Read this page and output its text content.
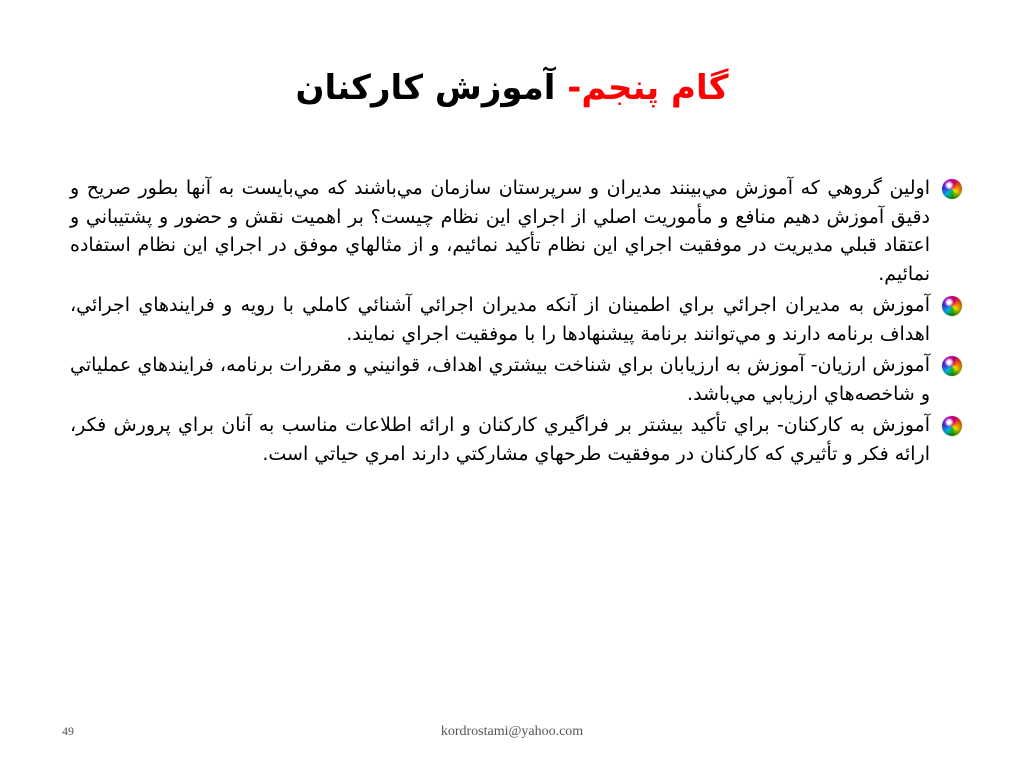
گام پنجم- آموزش كاركنان
اولين گروهي كه آموزش مي‌بينند مديران و سرپرستان سازمان مي‌باشند كه مي‌بايست به آنها بطور صريح و دقيق آموزش دهيم منافع و مأموريت اصلي از اجراي اين نظام چيست؟ بر اهميت نقش و حضور و پشتيباني و اعتقاد قبلي مديريت در موفقيت اجراي اين نظام تأكيد نمائيم، و از مثالهاي موفق در اجراي اين نظام استفاده نمائيم.
آموزش به مديران اجرائي براي اطمينان از آنكه مديران اجرائي آشنائي كاملي با رويه و فرايندهاي اجرائي، اهداف برنامه دارند و مي‌توانند برنامة پيشنهادها را با موفقيت اجراي نمايند.
آموزش ارزيان- آموزش به ارزيابان براي شناخت بيشتري اهداف، قوانيني و مقررات برنامه، فرايندهاي عملياتي و شاخصه‌هاي ارزيابي مي‌باشد.
آموزش به كاركنان- براي تأكيد بيشتر بر فراگيري كاركنان و ارائه اطلاعات مناسب به آنان براي پرورش فكر، ارائه فكر و تأثيري كه كاركنان در موفقيت طرحهاي مشاركتي دارند امري حياتي است.
49	kordrostami@yahoo.com
